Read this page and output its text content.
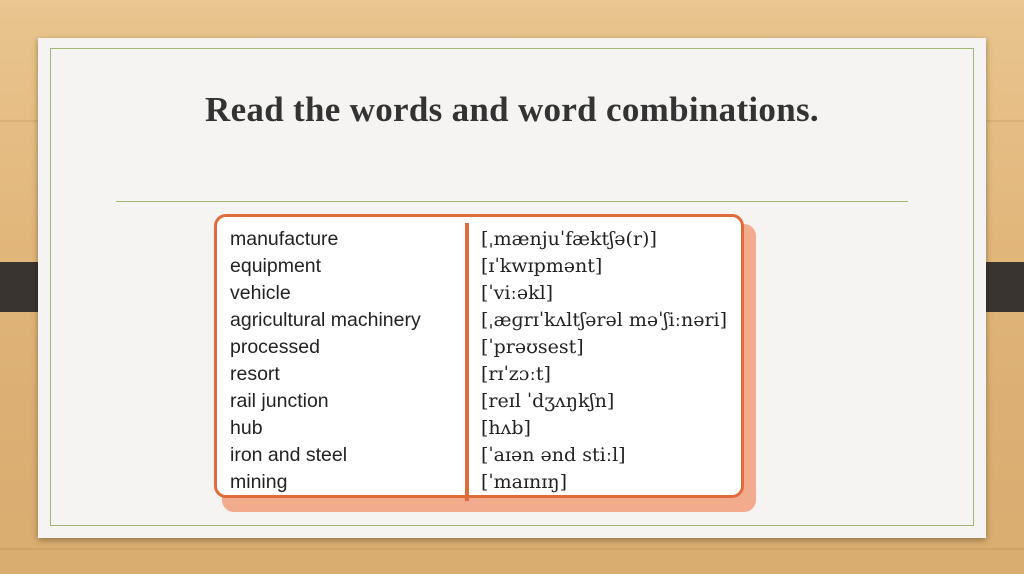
Read the words and word combinations.
manufacture
equipment
vehicle
agricultural machinery
processed
resort
rail junction
hub
iron and steel
mining
[ˌmænjuˈfæktʃə(r)]
[ɪˈkwɪpmənt]
[ˈviːəkl]
[ˌæɡrɪˈkʌltʃərəl məˈʃiːnəri]
[ˈprəʊsest]
[rɪˈzɔːt]
[reɪl ˈdʒʌŋkʃn]
[hʌb]
[ˈaɪən ənd stiːl]
[ˈmaɪnɪŋ]
